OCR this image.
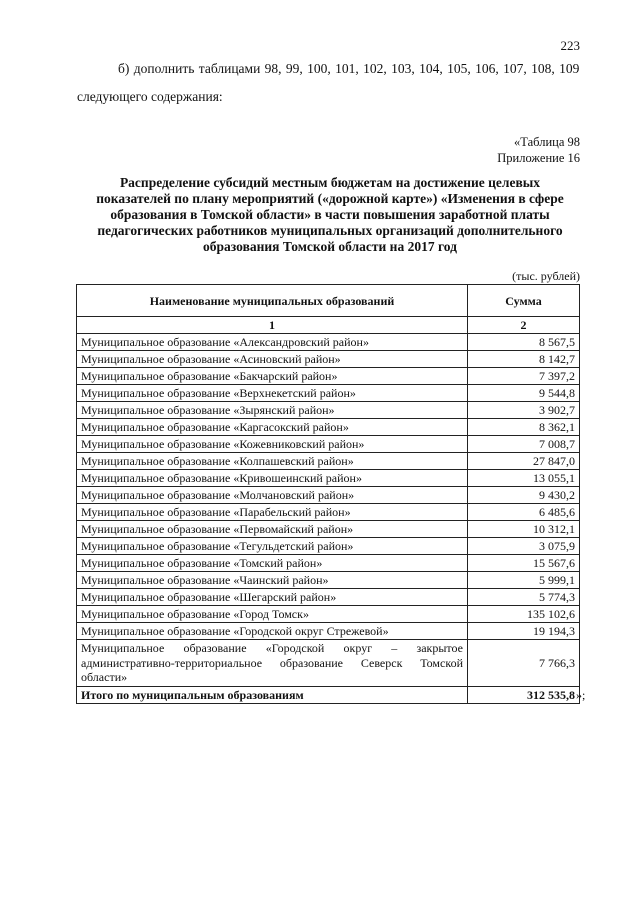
223
б) дополнить таблицами 98, 99, 100, 101, 102, 103, 104, 105, 106, 107, 108, 109
следующего содержания:
«Таблица 98
Приложение 16
Распределение субсидий местным бюджетам на достижение целевых
показателей по плану мероприятий («дорожной карте») «Изменения в сфере
образования в Томской области» в части повышения заработной платы
педагогических работников муниципальных организаций дополнительного
образования Томской области на 2017 год
(тыс. рублей)
Наименование муниципальных образований	Сумма
1	2
Муниципальное образование «Александровский район»	8 567,5
Муниципальное образование «Асиновский район»	8 142,7
Муниципальное образование «Бакчарский район»	7 397,2
Муниципальное образование «Верхнекетский район»	9 544,8
Муниципальное образование «Зырянский район»	3 902,7
Муниципальное образование «Каргасокский район»	8 362,1
Муниципальное образование «Кожевниковский район»	7 008,7
Муниципальное образование «Колпашевский район»	27 847,0
Муниципальное образование «Кривошеинский район»	13 055,1
Муниципальное образование «Молчановский район»	9 430,2
Муниципальное образование «Парабельский район»	6 485,6
Муниципальное образование «Первомайский район»	10 312,1
Муниципальное образование «Тегульдетский район»	3 075,9
Муниципальное образование «Томский район»	15 567,6
Муниципальное образование «Чаинский район»	5 999,1
Муниципальное образование «Шегарский район»	5 774,3
Муниципальное образование «Город Томск»	135 102,6
Муниципальное образование «Городской округ Стрежевой»	19 194,3
Муниципальное образование «Городской округ – закрытое административно-территориальное образование Северск Томской области»	7 766,3
Итого по муниципальным образованиям	312 535,8 »;
